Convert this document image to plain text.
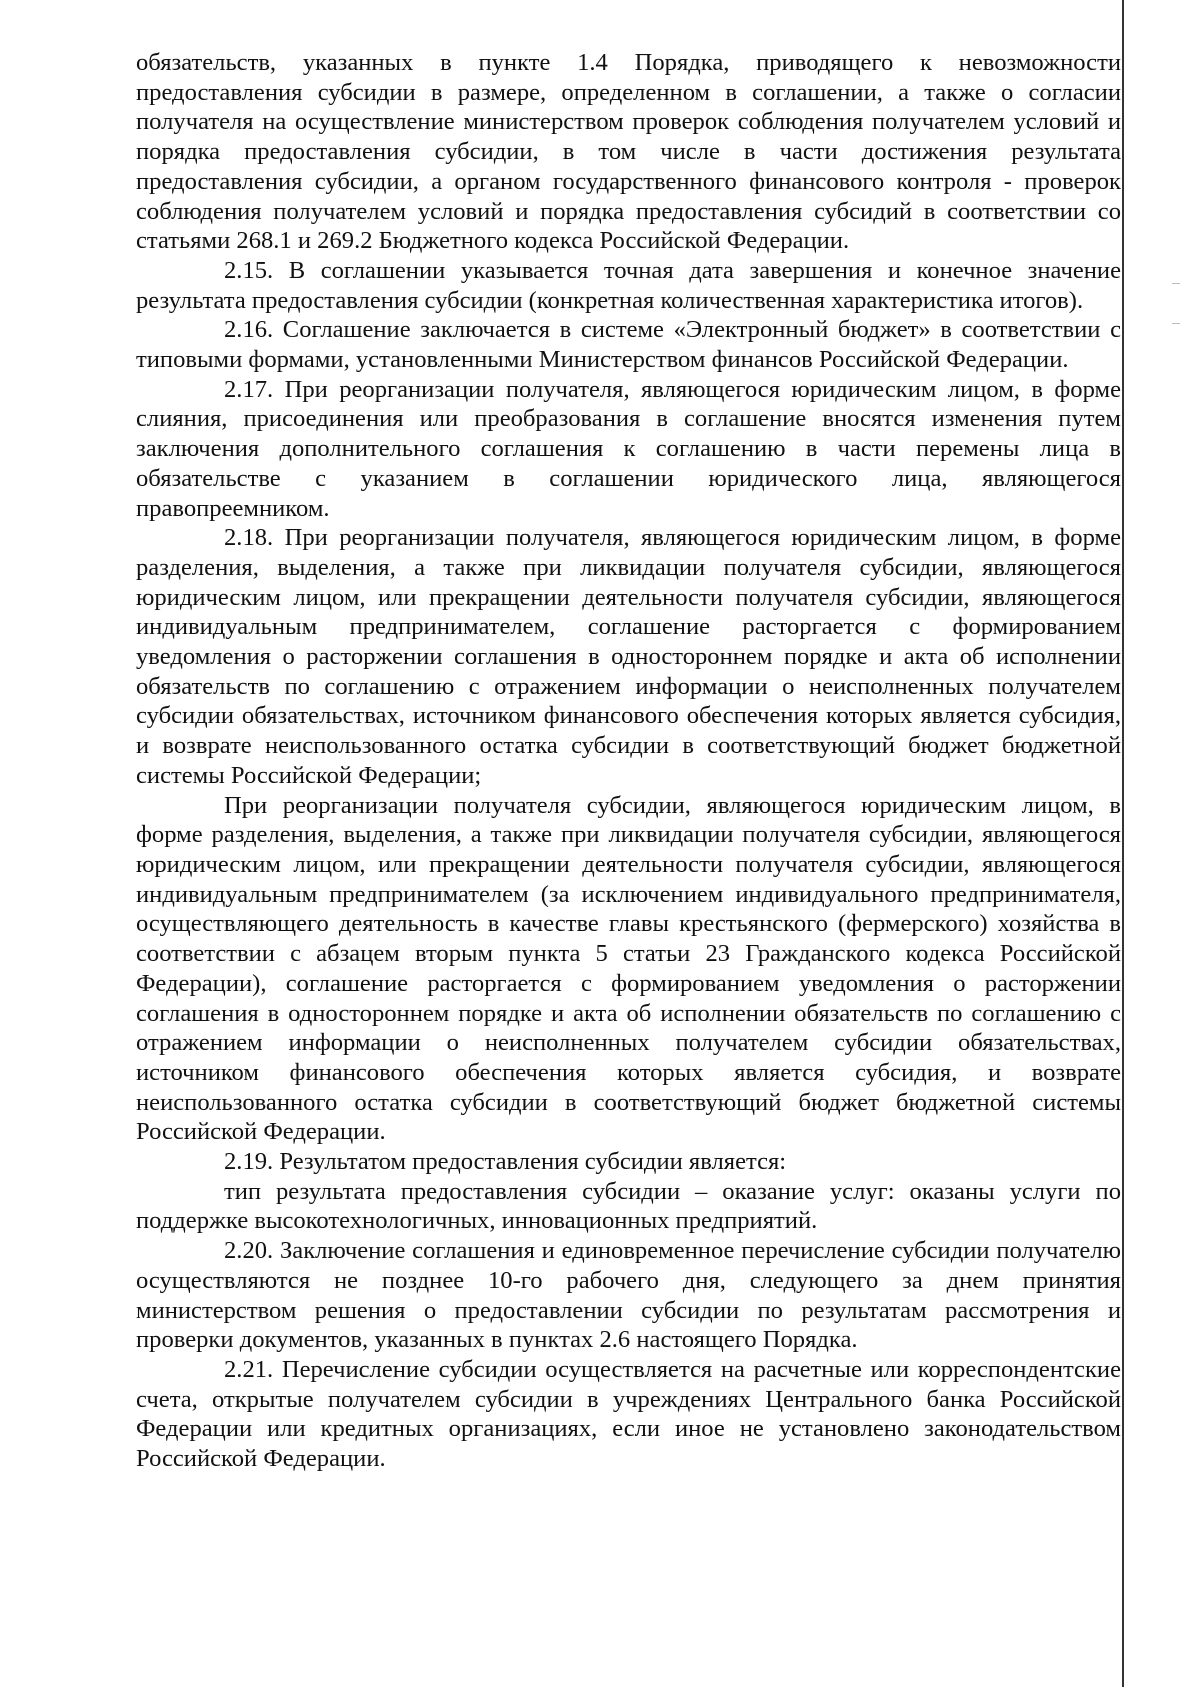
обязательств, указанных в пункте 1.4 Порядка, приводящего к невозможности предоставления субсидии в размере, определенном в соглашении, а также о согласии получателя на осуществление министерством проверок соблюдения получателем условий и порядка предоставления субсидии, в том числе в части достижения результата предоставления субсидии, а органом государственного финансового контроля - проверок соблюдения получателем условий и порядка предоставления субсидий в соответствии со статьями 268.1 и 269.2 Бюджетного кодекса Российской Федерации.

2.15. В соглашении указывается точная дата завершения и конечное значение результата предоставления субсидии (конкретная количественная характеристика итогов).

2.16. Соглашение заключается в системе «Электронный бюджет» в соответствии с типовыми формами, установленными Министерством финансов Российской Федерации.

2.17. При реорганизации получателя, являющегося юридическим лицом, в форме слияния, присоединения или преобразования в соглашение вносятся изменения путем заключения дополнительного соглашения к соглашению в части перемены лица в обязательстве с указанием в соглашении юридического лица, являющегося правопреемником.

2.18. При реорганизации получателя, являющегося юридическим лицом, в форме разделения, выделения, а также при ликвидации получателя субсидии, являющегося юридическим лицом, или прекращении деятельности получателя субсидии, являющегося индивидуальным предпринимателем, соглашение расторгается с формированием уведомления о расторжении соглашения в одностороннем порядке и акта об исполнении обязательств по соглашению с отражением информации о неисполненных получателем субсидии обязательствах, источником финансового обеспечения которых является субсидия, и возврате неиспользованного остатка субсидии в соответствующий бюджет бюджетной системы Российской Федерации;

При реорганизации получателя субсидии, являющегося юридическим лицом, в форме разделения, выделения, а также при ликвидации получателя субсидии, являющегося юридическим лицом, или прекращении деятельности получателя субсидии, являющегося индивидуальным предпринимателем (за исключением индивидуального предпринимателя, осуществляющего деятельность в качестве главы крестьянского (фермерского) хозяйства в соответствии с абзацем вторым пункта 5 статьи 23 Гражданского кодекса Российской Федерации), соглашение расторгается с формированием уведомления о расторжении соглашения в одностороннем порядке и акта об исполнении обязательств по соглашению с отражением информации о неисполненных получателем субсидии обязательствах, источником финансового обеспечения которых является субсидия, и возврате неиспользованного остатка субсидии в соответствующий бюджет бюджетной системы Российской Федерации.

2.19. Результатом предоставления субсидии является:

тип результата предоставления субсидии – оказание услуг: оказаны услуги по поддержке высокотехнологичных, инновационных предприятий.

2.20. Заключение соглашения и единовременное перечисление субсидии получателю осуществляются не позднее 10-го рабочего дня, следующего за днем принятия министерством решения о предоставлении субсидии по результатам рассмотрения и проверки документов, указанных в пунктах 2.6 настоящего Порядка.

2.21. Перечисление субсидии осуществляется на расчетные или корреспондентские счета, открытые получателем субсидии в учреждениях Центрального банка Российской Федерации или кредитных организациях, если иное не установлено законодательством Российской Федерации.
